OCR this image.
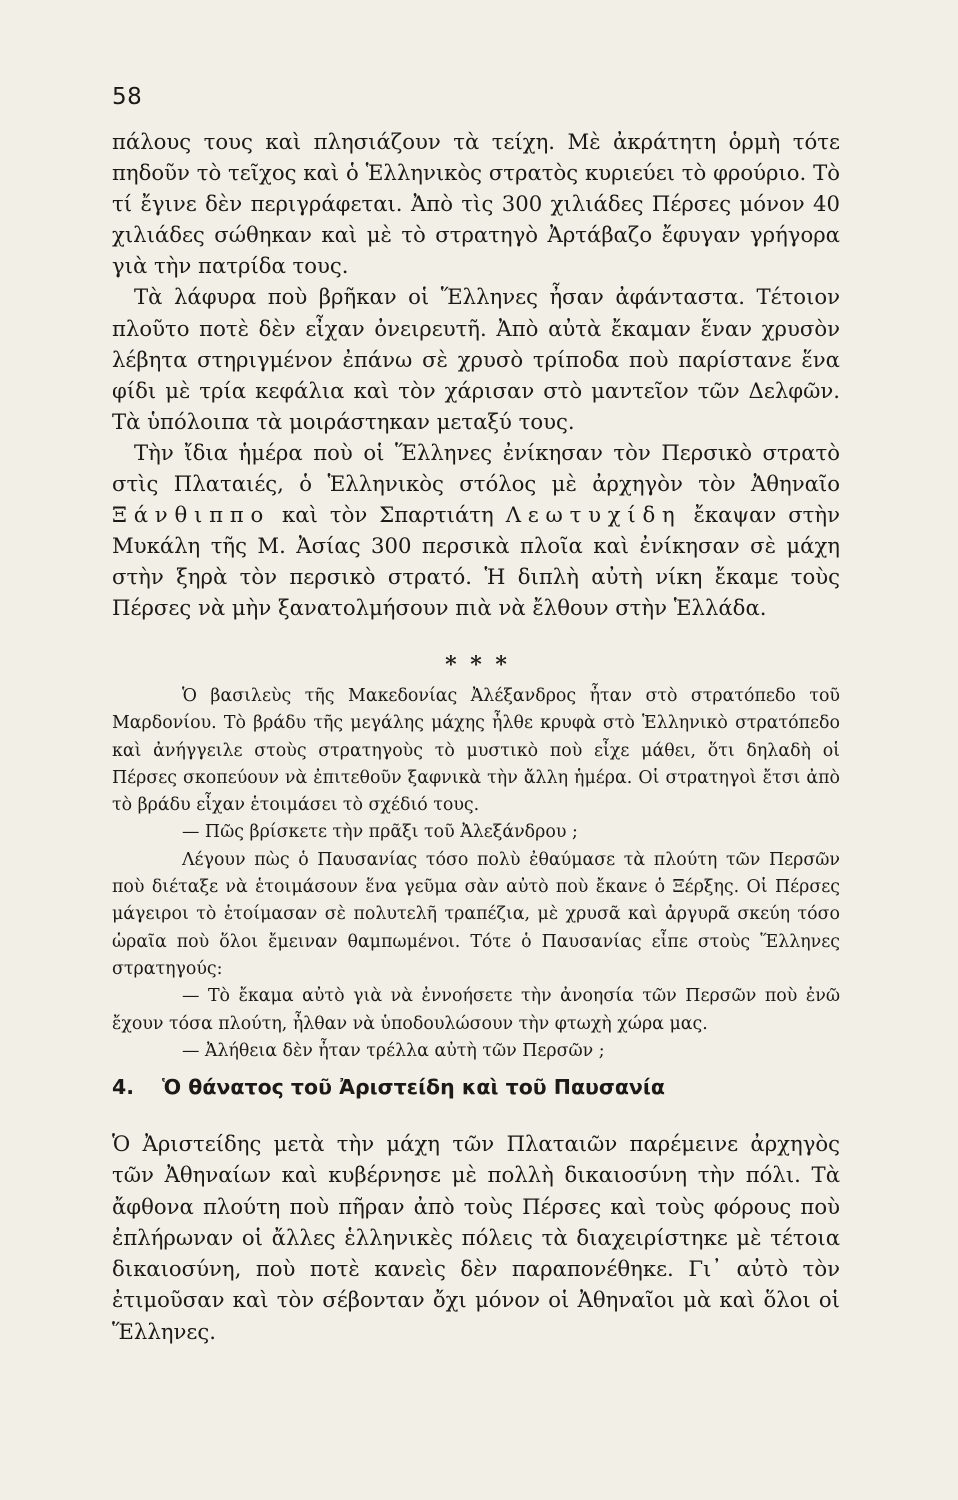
58

πάλους τους καὶ πλησιάζουν τὰ τείχη. Μὲ ἀκράτητη ὁρμὴ τότε πηδοῦν τὸ τεῖχος καὶ ὁ Ἑλληνικὸς στρατὸς κυριεύει τὸ φρούριο. Τὸ τί ἔγινε δὲν περιγράφεται. Ἀπὸ τὶς 300 χιλιάδες Πέρσες μόνον 40 χιλιάδες σώθηκαν καὶ μὲ τὸ στρατηγὸ Ἀρτάβαζο ἔφυγαν γρήγορα γιὰ τὴν πατρίδα τους.

Τὰ λάφυρα ποὺ βρῆκαν οἱ Ἕλληνες ἦσαν ἀφάνταστα. Τέτοιον πλοῦτο ποτὲ δὲν εἶχαν ὀνειρευτῆ. Ἀπὸ αὐτὰ ἔκαμαν ἕναν χρυσὸν λέβητα στηριγμένον ἐπάνω σὲ χρυσὸ τρίποδα ποὺ παρίστανε ἕνα φίδι μὲ τρία κεφάλια καὶ τὸν χάρισαν στὸ μαντεῖον τῶν Δελφῶν. Τὰ ὑπόλοιπα τὰ μοιράστηκαν μεταξύ τους.

Τὴν ἴδια ἡμέρα ποὺ οἱ Ἕλληνες ἐνίκησαν τὸν Περσικὸ στρατὸ στὶς Πλαταιές, ὁ Ἑλληνικὸς στόλος μὲ ἀρχηγὸν τὸν Ἀθηναῖο Ξάνθιππο καὶ τὸν Σπαρτιάτη Λεωτυχίδη ἔκαψαν στὴν Μυκάλη τῆς Μ. Ἀσίας 300 περσικὰ πλοῖα καὶ ἐνίκησαν σὲ μάχη στὴν ξηρὰ τὸν περσικὸ στρατό. Ἡ διπλὴ αὐτὴ νίκη ἔκαμε τοὺς Πέρσες νὰ μὴν ξανατολμήσουν πιὰ νὰ ἔλθουν στὴν Ἑλλάδα.

* * *

Ὁ βασιλεὺς τῆς Μακεδονίας Ἀλέξανδρος ἦταν στὸ στρατόπεδο τοῦ Μαρδονίου. Τὸ βράδυ τῆς μεγάλης μάχης ἦλθε κρυφὰ στὸ Ἑλληνικὸ στρατόπεδο καὶ ἀνήγγειλε στοὺς στρατηγοὺς τὸ μυστικὸ ποὺ εἶχε μάθει, ὅτι δηλαδὴ οἱ Πέρσες σκοπεύουν νὰ ἐπιτεθοῦν ξαφνικὰ τὴν ἄλλη ἡμέρα. Οἱ στρατηγοὶ ἔτσι ἀπὸ τὸ βράδυ εἶχαν ἑτοιμάσει τὸ σχέδιό τους.

— Πῶς βρίσκετε τὴν πρᾶξι τοῦ Ἀλεξάνδρου ;

Λέγουν πὼς ὁ Παυσανίας τόσο πολὺ ἐθαύμασε τὰ πλούτη τῶν Περσῶν ποὺ διέταξε νὰ ἑτοιμάσουν ἕνα γεῦμα σὰν αὐτὸ ποὺ ἔκανε ὁ Ξέρξης. Οἱ Πέρσες μάγειροι τὸ ἑτοίμασαν σὲ πολυτελῆ τραπέζια, μὲ χρυσᾶ καὶ ἀργυρᾶ σκεύη τόσο ὡραῖα ποὺ ὅλοι ἔμειναν θαμπωμένοι. Τότε ὁ Παυσανίας εἶπε στοὺς Ἕλληνες στρατηγούς:

— Τὸ ἔκαμα αὐτὸ γιὰ νὰ ἐννοήσετε τὴν ἀνοησία τῶν Περσῶν ποὺ ἐνῶ ἔχουν τόσα πλούτη, ἦλθαν νὰ ὑποδουλώσουν τὴν φτωχὴ χώρα μας.

— Ἀλήθεια δὲν ἦταν τρέλλα αὐτὴ τῶν Περσῶν ;

4. Ὁ θάνατος τοῦ Ἀριστείδη καὶ τοῦ Παυσανία

Ὁ Ἀριστείδης μετὰ τὴν μάχη τῶν Πλαταιῶν παρέμεινε ἀρχηγὸς τῶν Ἀθηναίων καὶ κυβέρνησε μὲ πολλὴ δικαιοσύνη τὴν πόλι. Τὰ ἄφθονα πλούτη ποὺ πῆραν ἀπὸ τοὺς Πέρσες καὶ τοὺς φόρους ποὺ ἐπλήρωναν οἱ ἄλλες ἑλληνικὲς πόλεις τὰ διαχειρίστηκε μὲ τέτοια δικαιοσύνη, ποὺ ποτὲ κανεὶς δὲν παραπονέθηκε. Γι᾽ αὐτὸ τὸν ἐτιμοῦσαν καὶ τὸν σέβονταν ὄχι μόνον οἱ Ἀθηναῖοι μὰ καὶ ὅλοι οἱ Ἕλληνες.
